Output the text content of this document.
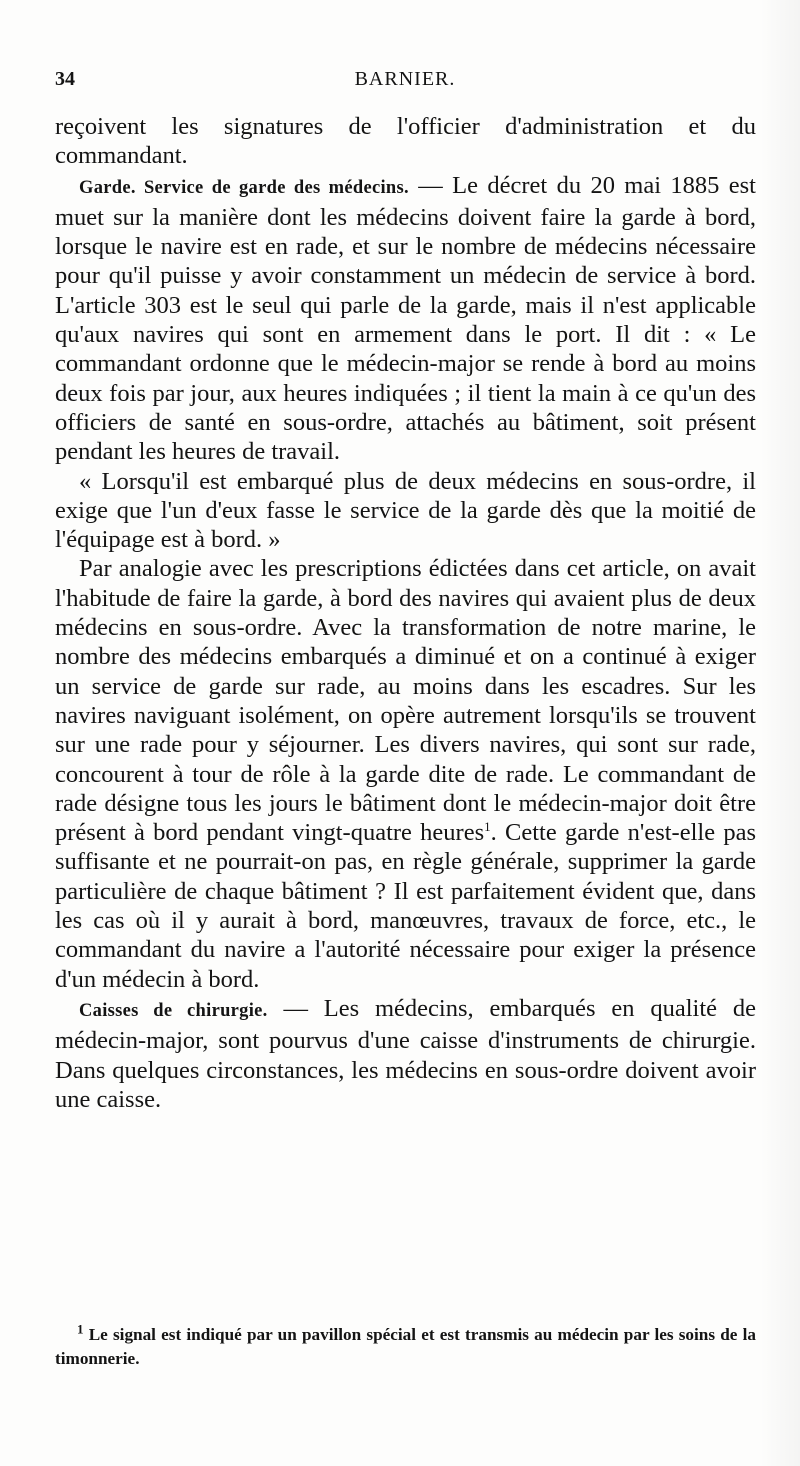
34	BARNIER.

reçoivent les signatures de l'officier d'administration et du commandant.

Garde. Service de garde des médecins. — Le décret du 20 mai 1885 est muet sur la manière dont les médecins doivent faire la garde à bord, lorsque le navire est en rade, et sur le nombre de médecins nécessaire pour qu'il puisse y avoir constamment un médecin de service à bord. L'article 303 est le seul qui parle de la garde, mais il n'est applicable qu'aux navires qui sont en armement dans le port. Il dit : « Le commandant ordonne que le médecin-major se rende à bord au moins deux fois par jour, aux heures indiquées ; il tient la main à ce qu'un des officiers de santé en sous-ordre, attachés au bâtiment, soit présent pendant les heures de travail.

« Lorsqu'il est embarqué plus de deux médecins en sous-ordre, il exige que l'un d'eux fasse le service de la garde dès que la moitié de l'équipage est à bord. »

Par analogie avec les prescriptions édictées dans cet article, on avait l'habitude de faire la garde, à bord des navires qui avaient plus de deux médecins en sous-ordre. Avec la transformation de notre marine, le nombre des médecins embarqués a diminué et on a continué à exiger un service de garde sur rade, au moins dans les escadres. Sur les navires naviguant isolément, on opère autrement lorsqu'ils se trouvent sur une rade pour y séjourner. Les divers navires, qui sont sur rade, concourent à tour de rôle à la garde dite de rade. Le commandant de rade désigne tous les jours le bâtiment dont le médecin-major doit être présent à bord pendant vingt-quatre heures$^1$. Cette garde n'est-elle pas suffisante et ne pourrait-on pas, en règle générale, supprimer la garde particulière de chaque bâtiment ? Il est parfaitement évident que, dans les cas où il y aurait à bord, manœuvres, travaux de force, etc., le commandant du navire a l'autorité nécessaire pour exiger la présence d'un médecin à bord.

Caisses de chirurgie. — Les médecins, embarqués en qualité de médecin-major, sont pourvus d'une caisse d'instruments de chirurgie. Dans quelques circonstances, les médecins en sous-ordre doivent avoir une caisse.

$^1$ Le signal est indiqué par un pavillon spécial et est transmis au médecin par les soins de la timonnerie.
